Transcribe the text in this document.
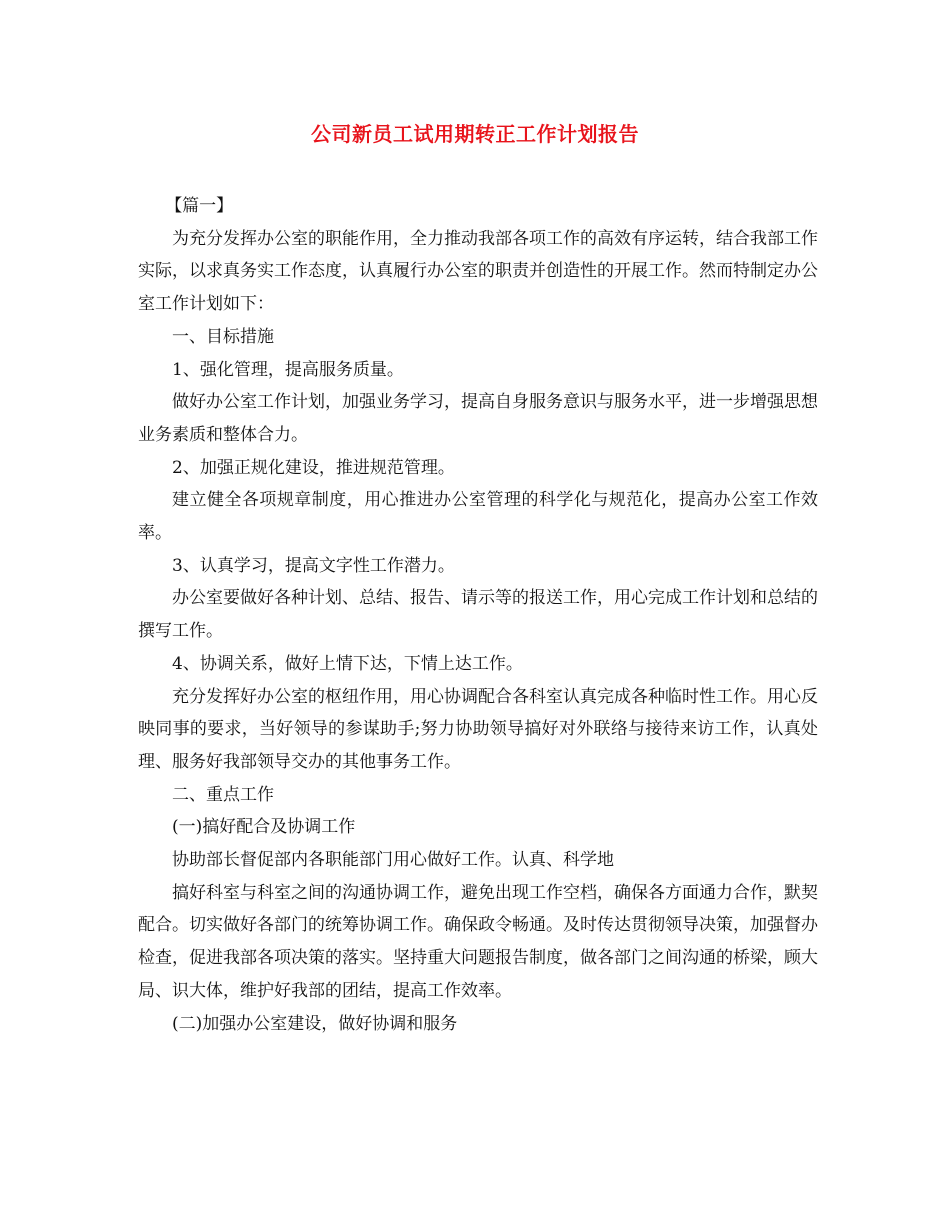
公司新员工试用期转正工作计划报告

【篇一】

为充分发挥办公室的职能作用，全力推动我部各项工作的高效有序运转，结合我部工作实际，以求真务实工作态度，认真履行办公室的职责并创造性的开展工作。然而特制定办公室工作计划如下：

一、目标措施

1、强化管理，提高服务质量。

做好办公室工作计划，加强业务学习，提高自身服务意识与服务水平，进一步增强思想业务素质和整体合力。

2、加强正规化建设，推进规范管理。

建立健全各项规章制度，用心推进办公室管理的科学化与规范化，提高办公室工作效率。

3、认真学习，提高文字性工作潜力。

办公室要做好各种计划、总结、报告、请示等的报送工作，用心完成工作计划和总结的撰写工作。

4、协调关系，做好上情下达，下情上达工作。

充分发挥好办公室的枢纽作用，用心协调配合各科室认真完成各种临时性工作。用心反映同事的要求，当好领导的参谋助手;努力协助领导搞好对外联络与接待来访工作，认真处理、服务好我部领导交办的其他事务工作。

二、重点工作

(一)搞好配合及协调工作

协助部长督促部内各职能部门用心做好工作。认真、科学地

搞好科室与科室之间的沟通协调工作，避免出现工作空档，确保各方面通力合作，默契配合。切实做好各部门的统筹协调工作。确保政令畅通。及时传达贯彻领导决策，加强督办检查，促进我部各项决策的落实。坚持重大问题报告制度，做各部门之间沟通的桥梁，顾大局、识大体，维护好我部的团结，提高工作效率。

(二)加强办公室建设，做好协调和服务
